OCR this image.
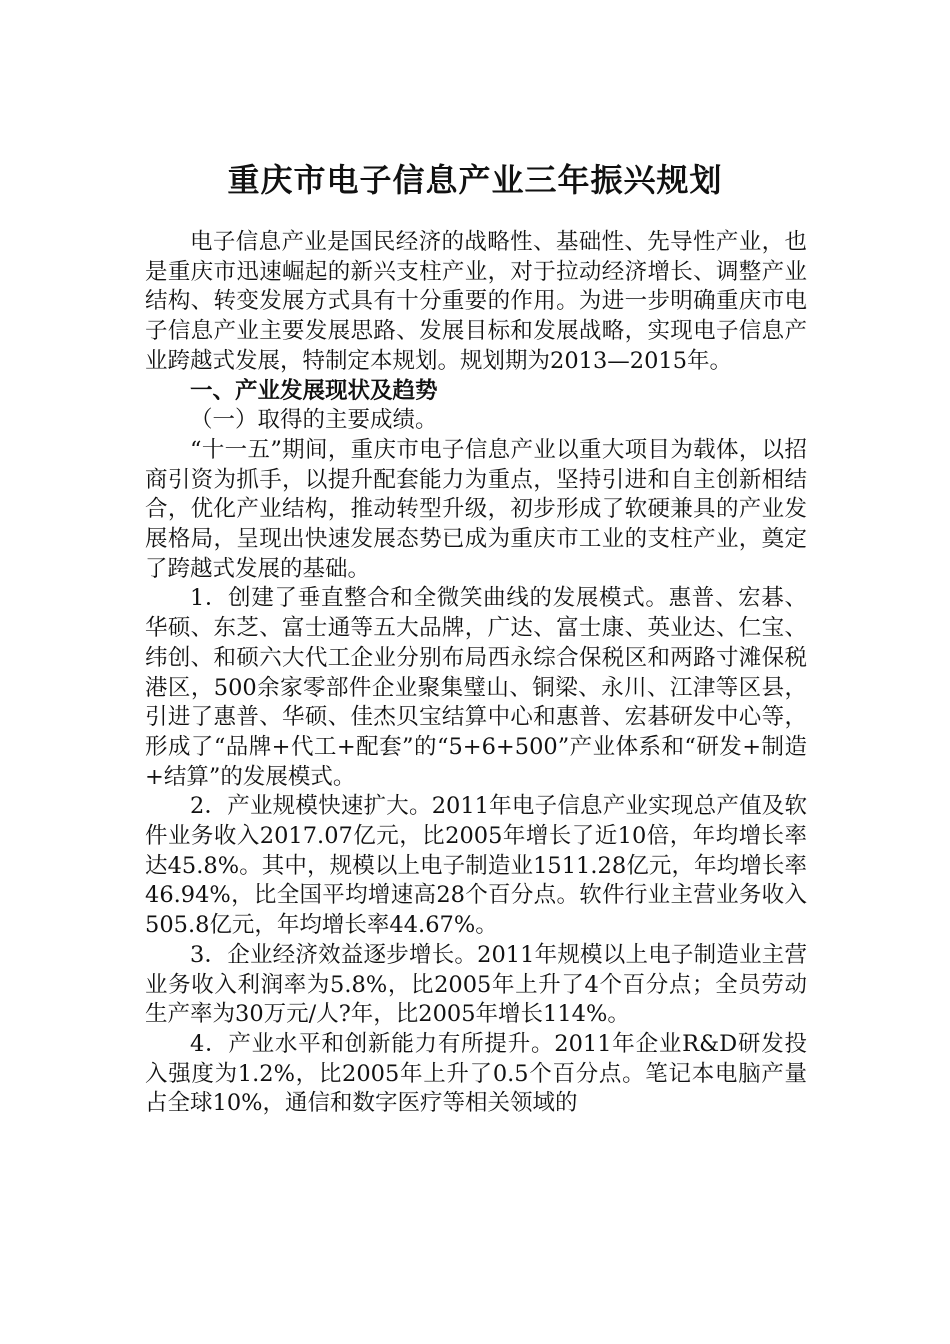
重庆市电子信息产业三年振兴规划

电子信息产业是国民经济的战略性、基础性、先导性产业，也是重庆市迅速崛起的新兴支柱产业，对于拉动经济增长、调整产业结构、转变发展方式具有十分重要的作用。为进一步明确重庆市电子信息产业主要发展思路、发展目标和发展战略，实现电子信息产业跨越式发展，特制定本规划。规划期为2013—2015年。

一、产业发展现状及趋势

（一）取得的主要成绩。

“十一五”期间，重庆市电子信息产业以重大项目为载体，以招商引资为抓手，以提升配套能力为重点，坚持引进和自主创新相结合，优化产业结构，推动转型升级，初步形成了软硬兼具的产业发展格局，呈现出快速发展态势已成为重庆市工业的支柱产业，奠定了跨越式发展的基础。

1．创建了垂直整合和全微笑曲线的发展模式。惠普、宏碁、华硕、东芝、富士通等五大品牌，广达、富士康、英业达、仁宝、纬创、和硕六大代工企业分别布局西永综合保税区和两路寸滩保税港区，500余家零部件企业聚集璧山、铜梁、永川、江津等区县，引进了惠普、华硕、佳杰贝宝结算中心和惠普、宏碁研发中心等，形成了“品牌+代工+配套”的“5+6+500”产业体系和“研发+制造+结算”的发展模式。

2．产业规模快速扩大。2011年电子信息产业实现总产值及软件业务收入2017.07亿元，比2005年增长了近10倍，年均增长率达45.8%。其中，规模以上电子制造业1511.28亿元，年均增长率46.94%，比全国平均增速高28个百分点。软件行业主营业务收入505.8亿元，年均增长率44.67%。

3．企业经济效益逐步增长。2011年规模以上电子制造业主营业务收入利润率为5.8%，比2005年上升了4个百分点；全员劳动生产率为30万元/人?年，比2005年增长114%。

4．产业水平和创新能力有所提升。2011年企业R&D研发投入强度为1.2%，比2005年上升了0.5个百分点。笔记本电脑产量占全球10%，通信和数字医疗等相关领域的
